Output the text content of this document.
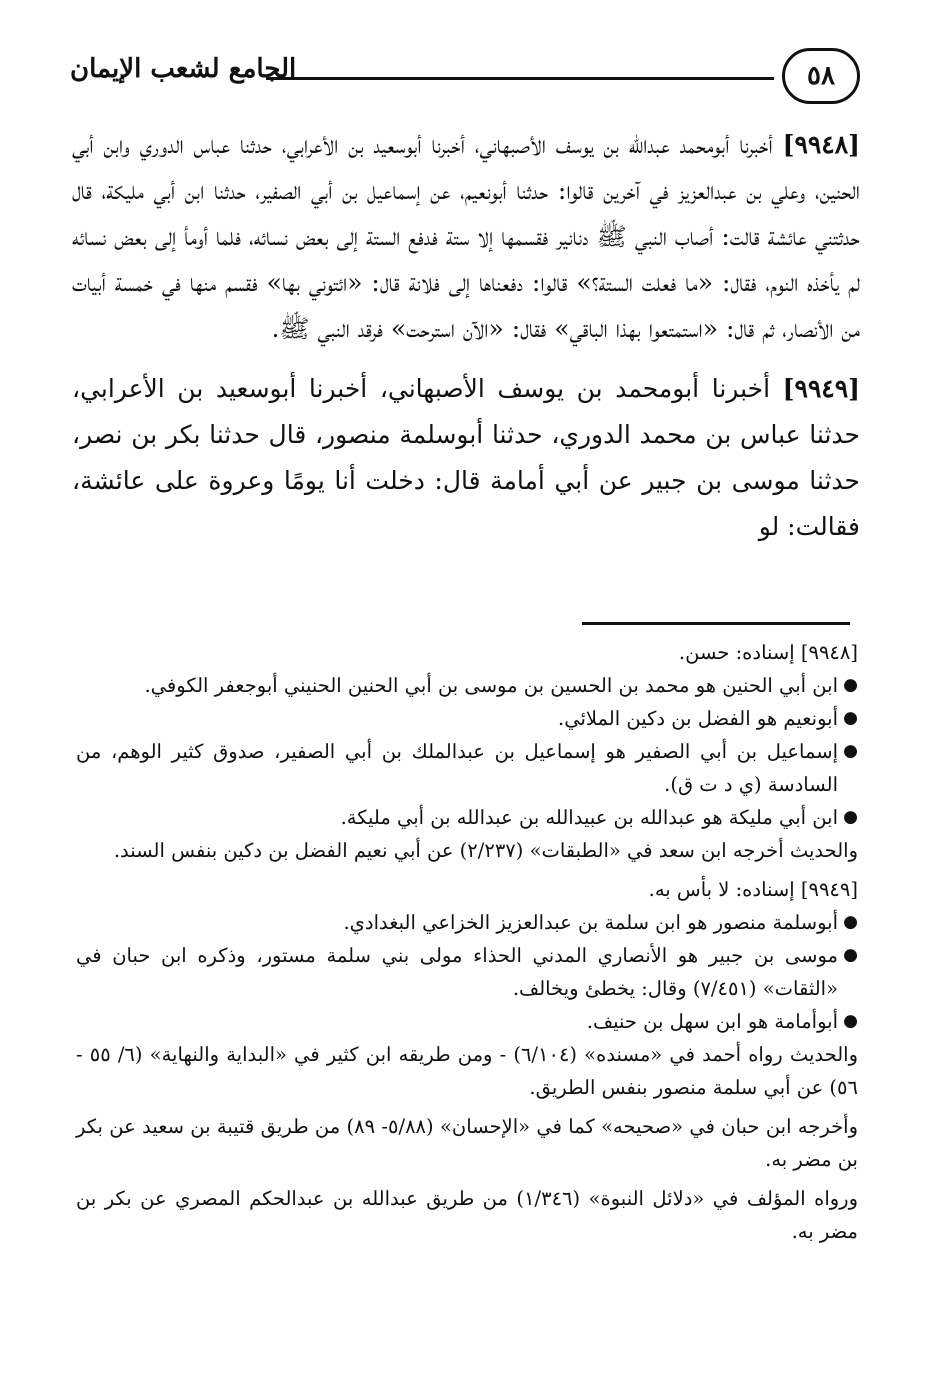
٥٨
الجامع لشعب الإيمان

[٩٩٤٨] أخبرنا أبومحمد عبدالله بن يوسف الأصبهاني، أخبرنا أبوسعيد بن الأعرابي، حدثنا عباس الدوري وابن أبي الحنين، وعلي بن عبدالعزيز في آخرين قالوا: حدثنا أبونعيم، عن إسماعيل بن أبي الصفير، حدثنا ابن أبي مليكة، قال حدثتني عائشة قالت: أصاب النبي ﷺ دنانير فقسمها إلا ستة فدفع الستة إلى بعض نسائه، فلما أومأ إلى بعض نسائه لم يأخذه النوم، فقال: «ما فعلت الستة؟» قالوا: دفعناها إلى فلانة قال: «ائتوني بها» فقسم منها في خمسة أبيات من الأنصار، ثم قال: «استمتعوا بهذا الباقي» فقال: «الآن استرحت» فرقد النبي ﷺ.

[٩٩٤٩] أخبرنا أبومحمد بن يوسف الأصبهاني، أخبرنا أبوسعيد بن الأعرابي، حدثنا عباس بن محمد الدوري، حدثنا أبوسلمة منصور، قال حدثنا بكر بن نصر، حدثنا موسى بن جبير عن أبي أمامة قال: دخلت أنا يومًا وعروة على عائشة، فقالت: لو

[٩٩٤٨] إسناده: حسن.

●
ابن أبي الحنين هو محمد بن الحسين بن موسى بن أبي الحنين الحنيني أبوجعفر الكوفي.
●
أبونعيم هو الفضل بن دكين الملائي.
●
إسماعيل بن أبي الصفير هو إسماعيل بن عبدالملك بن أبي الصفير، صدوق كثير الوهم، من السادسة (ي د ت ق).
●
ابن أبي مليكة هو عبدالله بن عبيدالله بن عبدالله بن أبي مليكة.

والحديث أخرجه ابن سعد في «الطبقات» (٢/٢٣٧) عن أبي نعيم الفضل بن دكين بنفس السند.

[٩٩٤٩] إسناده: لا بأس به.

●
أبوسلمة منصور هو ابن سلمة بن عبدالعزيز الخزاعي البغدادي.
●
موسى بن جبير هو الأنصاري المدني الحذاء مولى بني سلمة مستور، وذكره ابن حبان في «الثقات» (٧/٤٥١) وقال: يخطئ ويخالف.
●
أبوأمامة هو ابن سهل بن حنيف.

والحديث رواه أحمد في «مسنده» (٦/١٠٤) - ومن طريقه ابن كثير في «البداية والنهاية» (٦/ ٥٥ - ٥٦) عن أبي سلمة منصور بنفس الطريق.

وأخرجه ابن حبان في «صحيحه» كما في «الإحسان» (٥/٨٨- ٨٩) من طريق قتيبة بن سعيد عن بكر بن مضر به.

ورواه المؤلف في «دلائل النبوة» (١/٣٤٦) من طريق عبدالله بن عبدالحكم المصري عن بكر بن مضر به.
